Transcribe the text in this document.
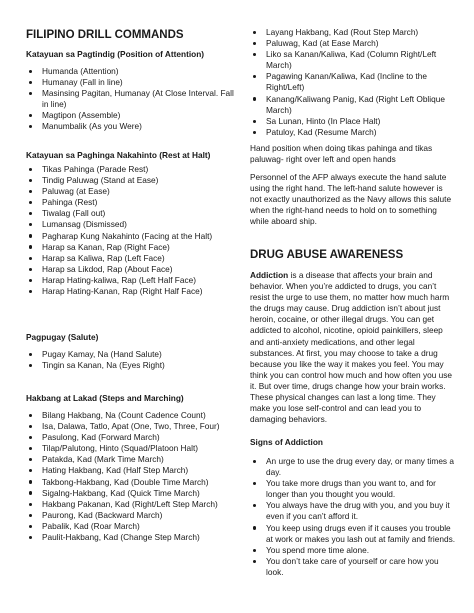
FILIPINO DRILL COMMANDS
Katayuan sa Pagtindig (Position of Attention)
Humanda (Attention)
Humanay (Fall in line)
Masinsing Pagitan, Humanay (At Close Interval. Fall in line)
Magtipon (Assemble)
Manumbalik (As you Were)
Katayuan sa Paghinga Nakahinto (Rest at Halt)
Tikas Pahinga (Parade Rest)
Tindig Paluwag (Stand at Ease)
Paluwag (at Ease)
Pahinga (Rest)
Tiwalag (Fall out)
Lumansag (Dismissed)
Pagharap Kung Nakahinto (Facing at the Halt)
Harap sa Kanan, Rap (Right Face)
Harap sa Kaliwa, Rap (Left Face)
Harap sa Likdod, Rap (About Face)
Harap Hating-kaliwa, Rap (Left Half Face)
Harap Hating-Kanan, Rap (Right Half Face)
Pagpugay (Salute)
Pugay Kamay, Na (Hand Salute)
Tingin sa Kanan, Na (Eyes Right)
Hakbang at Lakad (Steps and Marching)
Bilang Hakbang, Na (Count Cadence Count)
Isa, Dalawa, Tatlo, Apat (One, Two, Three, Four)
Pasulong, Kad (Forward March)
Tilap/Palutong, Hinto (Squad/Platoon Halt)
Patakda, Kad (Mark Time March)
Hating Hakbang, Kad (Half Step March)
Takbong-Hakbang, Kad (Double Time March)
Sigalng-Hakbang, Kad (Quick Time March)
Hakbang Pakanan, Kad (Right/Left Step March)
Paurong, Kad (Backward March)
Pabalik, Kad (Roar March)
Paulit-Hakbang, Kad (Change Step March)
Layang Hakbang, Kad (Rout Step March)
Paluwag, Kad (at Ease March)
Liko sa Kanan/Kaliwa, Kad (Column Right/Left March)
Pagawing Kanan/Kaliwa, Kad (Incline to the Right/Left)
Kanang/Kaliwang Panig, Kad (Right Left Oblique March)
Sa Lunan, Hinto (In Place Halt)
Patuloy, Kad (Resume March)

Hand position when doing tikas pahinga and tikas paluwag- right over left and open hands

Personnel of the AFP always execute the hand salute using the right hand. The left-hand salute however is not exactly unauthorized as the Navy allows this salute when the right-hand needs to hold on to something while aboard ship.

DRUG ABUSE AWARENESS

Addiction is a disease that affects your brain and behavior. When you’re addicted to drugs, you can’t resist the urge to use them, no matter how much harm the drugs may cause. Drug addiction isn’t about just heroin, cocaine, or other illegal drugs. You can get addicted to alcohol, nicotine, opioid painkillers, sleep and anti-anxiety medications, and other legal substances. At first, you may choose to take a drug because you like the way it makes you feel. You may think you can control how much and how often you use it. But over time, drugs change how your brain works. These physical changes can last a long time. They make you lose self-control and can lead you to damaging behaviors.

Signs of Addiction
An urge to use the drug every day, or many times a day.
You take more drugs than you want to, and for longer than you thought you would.
You always have the drug with you, and you buy it even if you can’t afford it.
You keep using drugs even if it causes you trouble at work or makes you lash out at family and friends.
You spend more time alone.
You don’t take care of yourself or care how you look.
